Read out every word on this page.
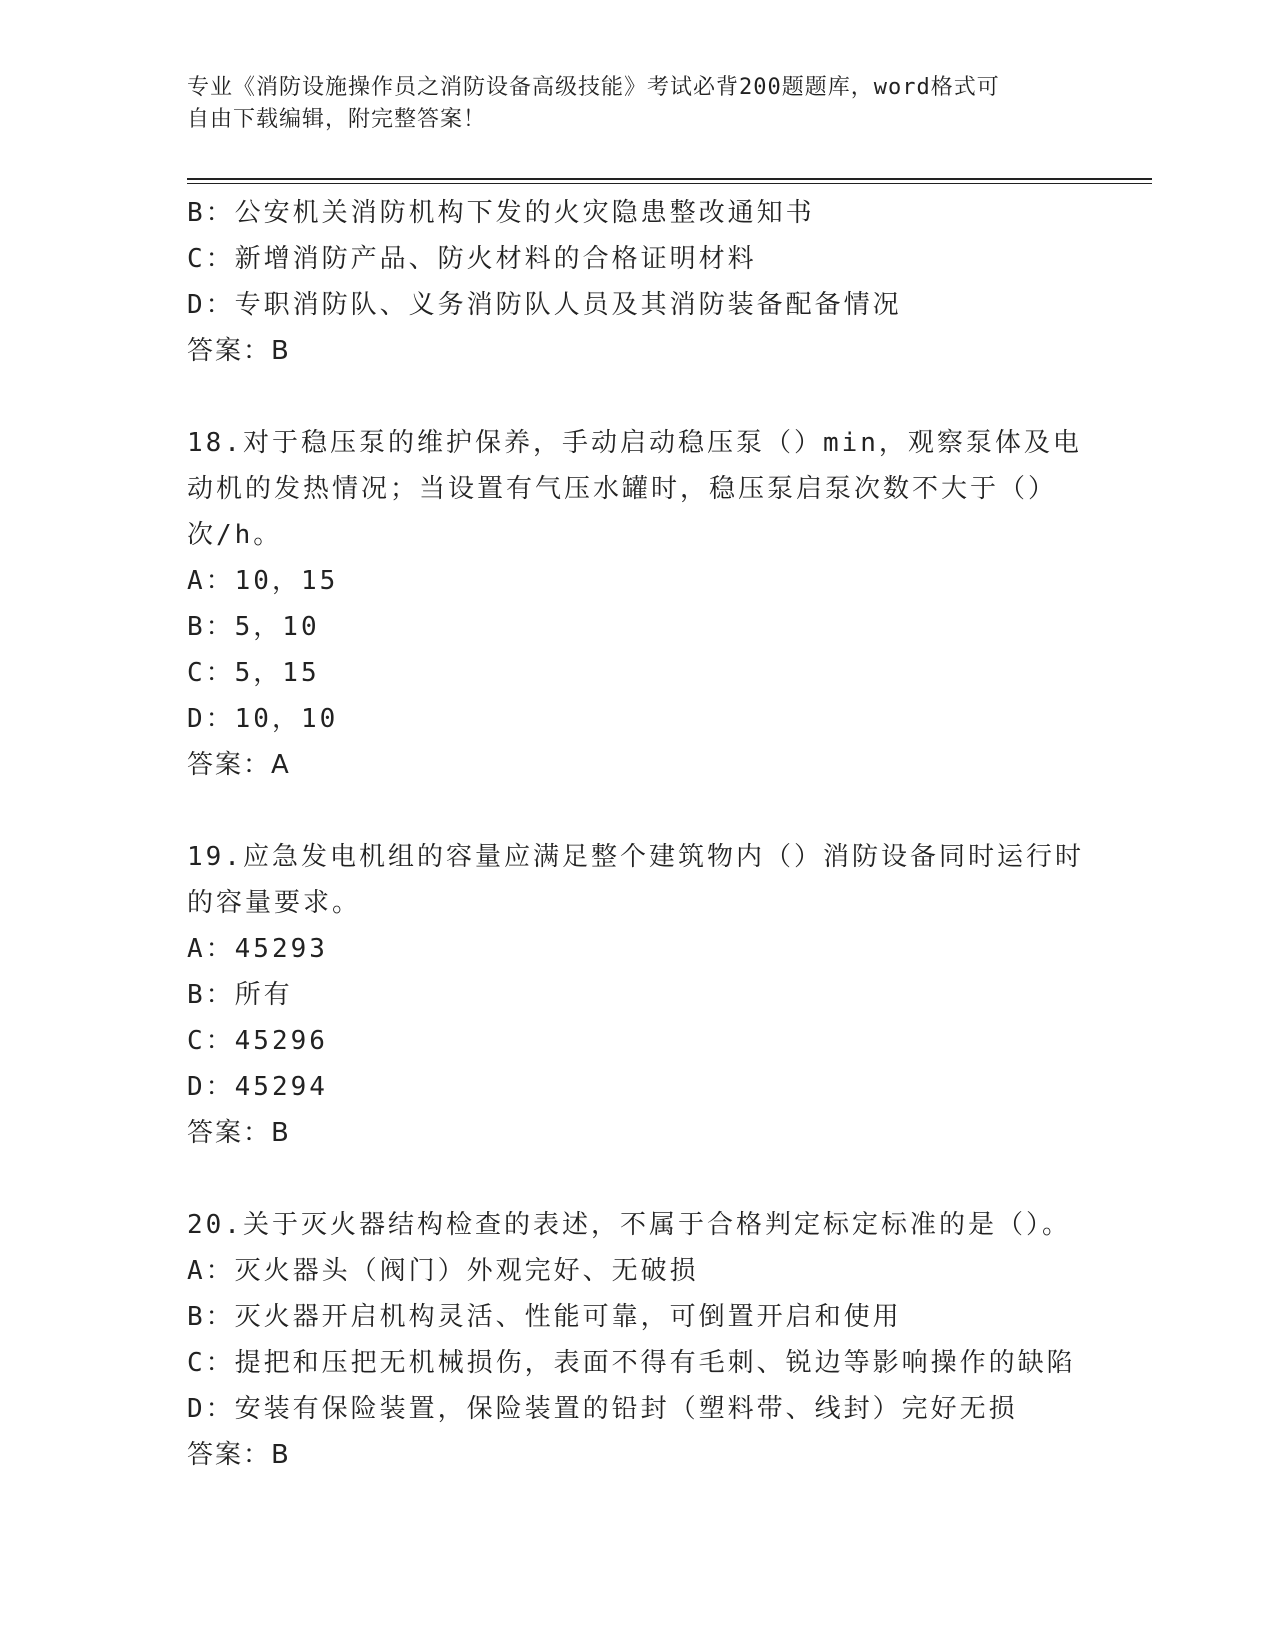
专业《消防设施操作员之消防设备高级技能》考试必背200题题库，word格式可
自由下载编辑，附完整答案！
B：公安机关消防机构下发的火灾隐患整改通知书
C：新增消防产品、防火材料的合格证明材料
D：专职消防队、义务消防队人员及其消防装备配备情况
答案：B
18.对于稳压泵的维护保养，手动启动稳压泵（）min，观察泵体及电
动机的发热情况；当设置有气压水罐时，稳压泵启泵次数不大于（）
次/h。
A：10，15
B：5，10
C：5，15
D：10，10
答案：A
19.应急发电机组的容量应满足整个建筑物内（）消防设备同时运行时
的容量要求。
A：45293
B：所有
C：45296
D：45294
答案：B
20.关于灭火器结构检查的表述，不属于合格判定标定标准的是（）。
A：灭火器头（阀门）外观完好、无破损
B：灭火器开启机构灵活、性能可靠，可倒置开启和使用
C：提把和压把无机械损伤，表面不得有毛刺、锐边等影响操作的缺陷
D：安装有保险装置，保险装置的铅封（塑料带、线封）完好无损
答案：B
